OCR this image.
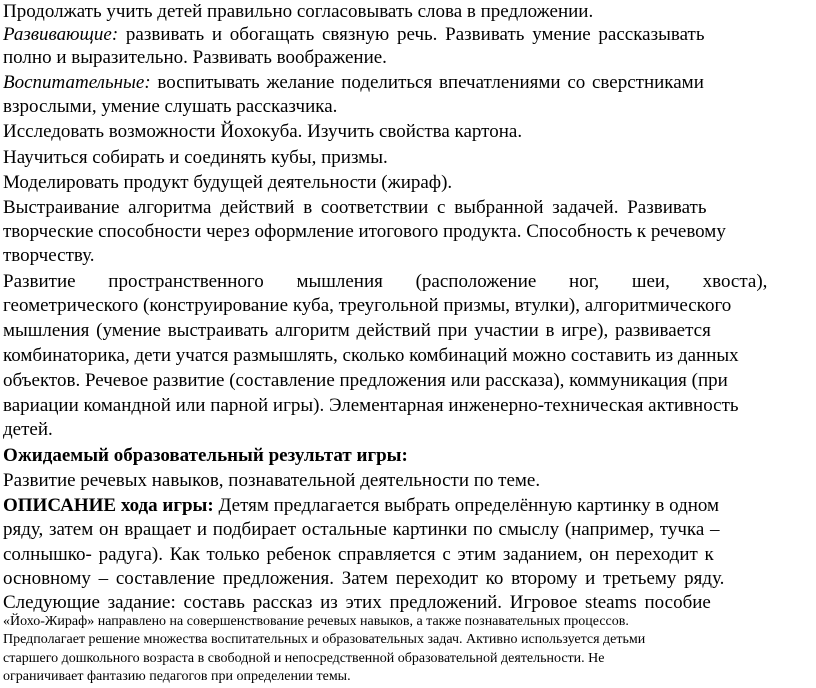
Продолжать учить детей правильно согласовывать слова в предложении.
Развивающие: развивать и обогащать связную речь. Развивать умение рассказывать
полно и выразительно. Развивать воображение.
Воспитательные: воспитывать желание поделиться впечатлениями со сверстниками
взрослыми, умение слушать рассказчика.
Исследовать возможности Йохокуба. Изучить свойства картона.
Научиться собирать и соединять кубы, призмы.
Моделировать продукт будущей деятельности (жираф).
Выстраивание алгоритма действий в соответствии с выбранной задачей. Развивать
творческие способности через оформление итогового продукта. Способность к речевому
творчеству.
Развитие пространственного мышления (расположение ног, шеи, хвоста),
геометрического (конструирование куба, треугольной призмы, втулки), алгоритмического
мышления (умение выстраивать алгоритм действий при участии в игре), развивается
комбинаторика, дети учатся размышлять, сколько комбинаций можно составить из данных
объектов. Речевое развитие (составление предложения или рассказа), коммуникация (при
вариации командной или парной игры). Элементарная инженерно-техническая активность
детей.
Ожидаемый образовательный результат игры:
Развитие речевых навыков, познавательной деятельности по теме.
ОПИСАНИЕ хода игры: Детям предлагается выбрать определённую картинку в одном
ряду, затем он вращает и подбирает остальные картинки по смыслу (например, тучка –
солнышко- радуга). Как только ребенок справляется с этим заданием, он переходит к
основному – составление предложения. Затем переходит ко второму и третьему ряду.
Следующие задание: составь рассказ из этих предложений. Игровое steams пособие
«Йохо-Жираф» направлено на совершенствование речевых навыков, а также познавательных процессов.
Предполагает решение множества воспитательных и образовательных задач. Активно используется детьми
старшего дошкольного возраста в свободной и непосредственной образовательной деятельности. Не
ограничивает фантазию педагогов при определении темы.
